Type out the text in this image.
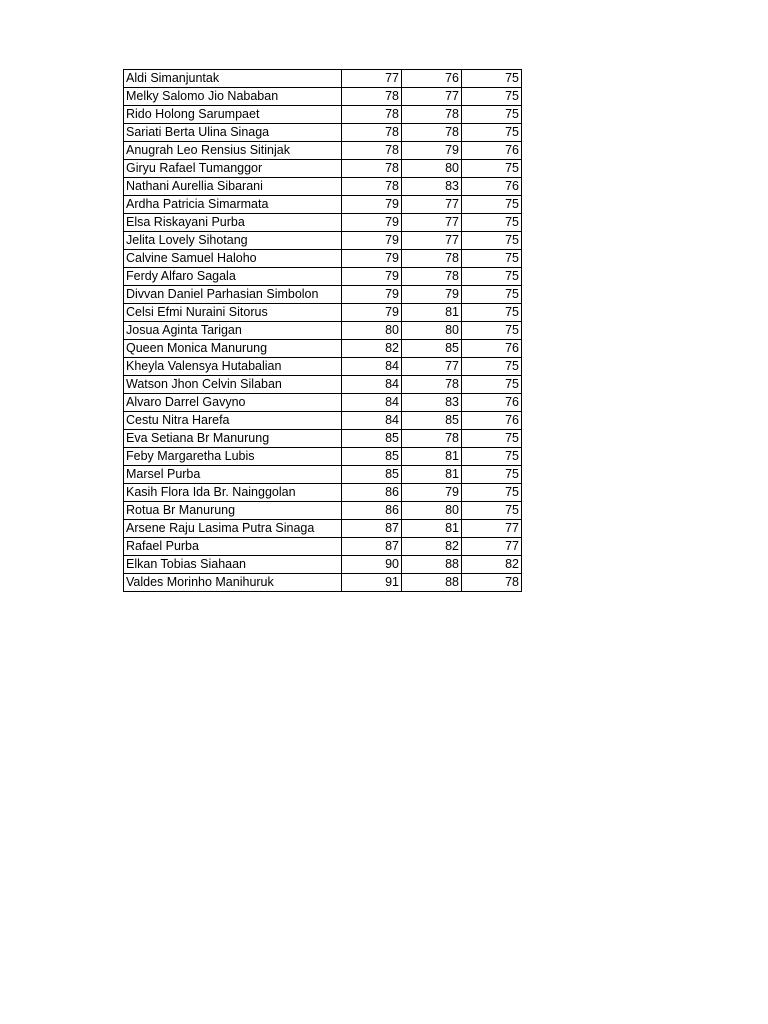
Aldi Simanjuntak	77	76	75
Melky Salomo Jio Nababan	78	77	75
Rido Holong Sarumpaet	78	78	75
Sariati Berta Ulina Sinaga	78	78	75
Anugrah Leo Rensius Sitinjak	78	79	76
Giryu Rafael Tumanggor	78	80	75
Nathani Aurellia Sibarani	78	83	76
Ardha Patricia Simarmata	79	77	75
Elsa Riskayani Purba	79	77	75
Jelita Lovely Sihotang	79	77	75
Calvine Samuel Haloho	79	78	75
Ferdy Alfaro Sagala	79	78	75
Divvan Daniel Parhasian Simbolon	79	79	75
Celsi Efmi Nuraini Sitorus	79	81	75
Josua Aginta Tarigan	80	80	75
Queen Monica Manurung	82	85	76
Kheyla Valensya Hutabalian	84	77	75
Watson Jhon Celvin Silaban	84	78	75
Alvaro Darrel Gavyno	84	83	76
Cestu Nitra Harefa	84	85	76
Eva Setiana Br Manurung	85	78	75
Feby Margaretha Lubis	85	81	75
Marsel Purba	85	81	75
Kasih Flora Ida Br. Nainggolan	86	79	75
Rotua Br Manurung	86	80	75
Arsene Raju Lasima Putra Sinaga	87	81	77
Rafael Purba	87	82	77
Elkan Tobias Siahaan	90	88	82
Valdes Morinho Manihuruk	91	88	78
